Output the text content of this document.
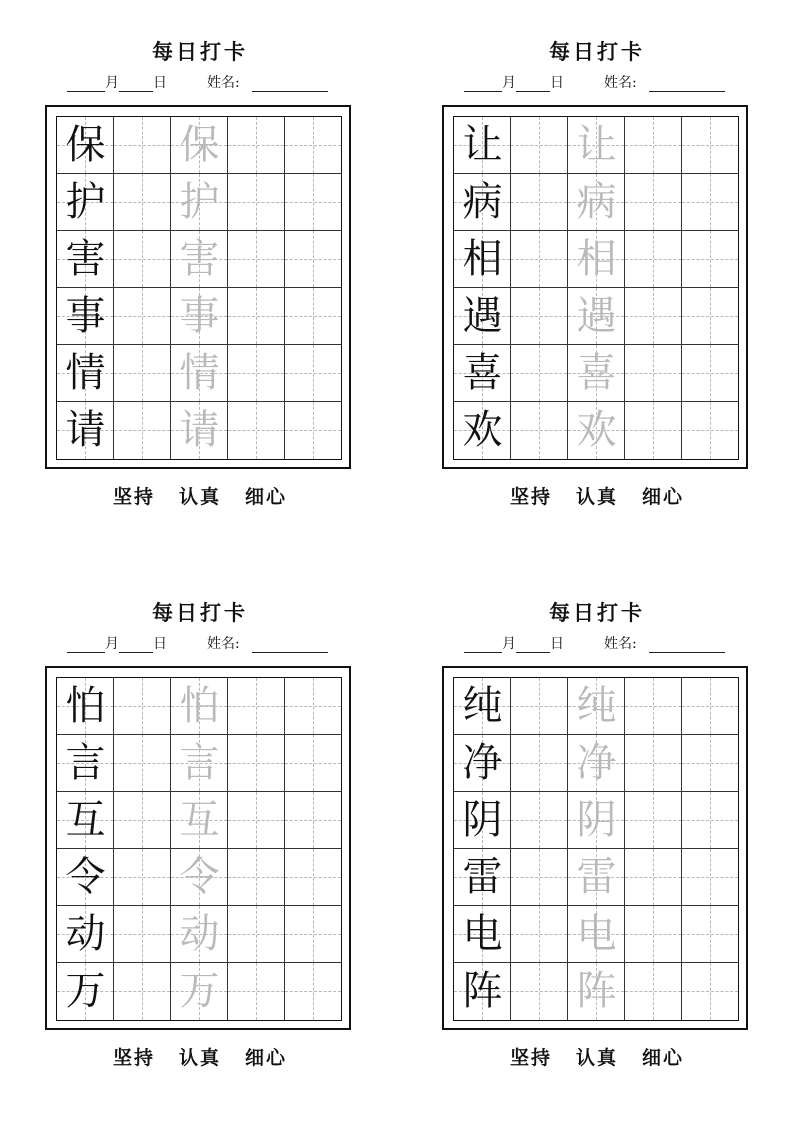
每日打卡
月 日	姓名:
保 保
护 护
害 害
事 事
情 情
请 请
坚持 认真 细心
每日打卡
月 日	姓名:
让 让
病 病
相 相
遇 遇
喜 喜
欢 欢
坚持 认真 细心
每日打卡
月 日	姓名:
怕 怕
言 言
互 互
令 令
动 动
万 万
坚持 认真 细心
每日打卡
月 日	姓名:
纯 纯
净 净
阴 阴
雷 雷
电 电
阵 阵
坚持 认真 细心
